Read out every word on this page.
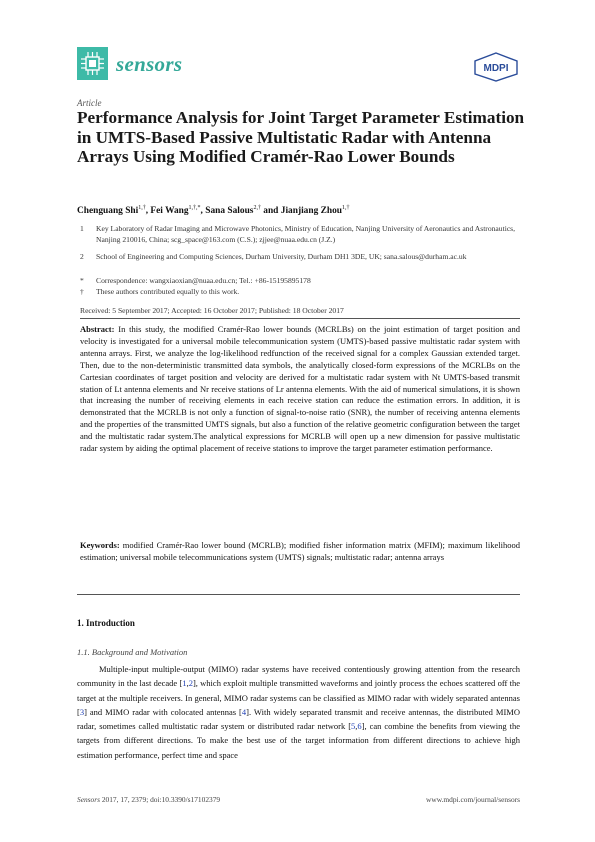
sensors	MDPI
Article
Performance Analysis for Joint Target Parameter Estimation in UMTS-Based Passive Multistatic Radar with Antenna Arrays Using Modified Cramér-Rao Lower Bounds
Chenguang Shi$^{1,\dagger}$, Fei Wang$^{1,\dagger,*}$, Sana Salous$^{2,\dagger}$ and Jianjiang Zhou$^{1,\dagger}$
1	Key Laboratory of Radar Imaging and Microwave Photonics, Ministry of Education, Nanjing University of Aeronautics and Astronautics, Nanjing 210016, China; scg_space@163.com (C.S.); zjjee@nuaa.edu.cn (J.Z.)
2	School of Engineering and Computing Sciences, Durham University, Durham DH1 3DE, UK; sana.salous@durham.ac.uk
*	Correspondence: wangxiaoxian@nuaa.edu.cn; Tel.: +86-15195895178
†	These authors contributed equally to this work.
Received: 5 September 2017; Accepted: 16 October 2017; Published: 18 October 2017
Abstract: In this study, the modified Cramér-Rao lower bounds (MCRLBs) on the joint estimation of target position and velocity is investigated for a universal mobile telecommunication system (UMTS)-based passive multistatic radar system with antenna arrays. First, we analyze the log-likelihood redfunction of the received signal for a complex Gaussian extended target. Then, due to the non-deterministic transmitted data symbols, the analytically closed-form expressions of the MCRLBs on the Cartesian coordinates of target position and velocity are derived for a multistatic radar system with Nt UMTS-based transmit station of Lt antenna elements and Nr receive stations of Lr antenna elements. With the aid of numerical simulations, it is shown that increasing the number of receiving elements in each receive station can reduce the estimation errors. In addition, it is demonstrated that the MCRLB is not only a function of signal-to-noise ratio (SNR), the number of receiving antenna elements and the properties of the transmitted UMTS signals, but also a function of the relative geometric configuration between the target and the multistatic radar system.The analytical expressions for MCRLB will open up a new dimension for passive multistatic radar system by aiding the optimal placement of receive stations to improve the target parameter estimation performance.
Keywords: modified Cramér-Rao lower bound (MCRLB); modified fisher information matrix (MFIM); maximum likelihood estimation; universal mobile telecommunications system (UMTS) signals; multistatic radar; antenna arrays
1. Introduction
1.1. Background and Motivation
Multiple-input multiple-output (MIMO) radar systems have received contentiously growing attention from the research community in the last decade [1,2], which exploit multiple transmitted waveforms and jointly process the echoes scattered off the target at the multiple receivers. In general, MIMO radar systems can be classified as MIMO radar with widely separated antennas [3] and MIMO radar with colocated antennas [4]. With widely separated transmit and receive antennas, the distributed MIMO radar, sometimes called multistatic radar system or distributed radar network [5,6], can combine the benefits from viewing the targets from different directions. To make the best use of the target information from different directions to achieve high estimation performance, perfect time and space
Sensors 2017, 17, 2379; doi:10.3390/s17102379	www.mdpi.com/journal/sensors
